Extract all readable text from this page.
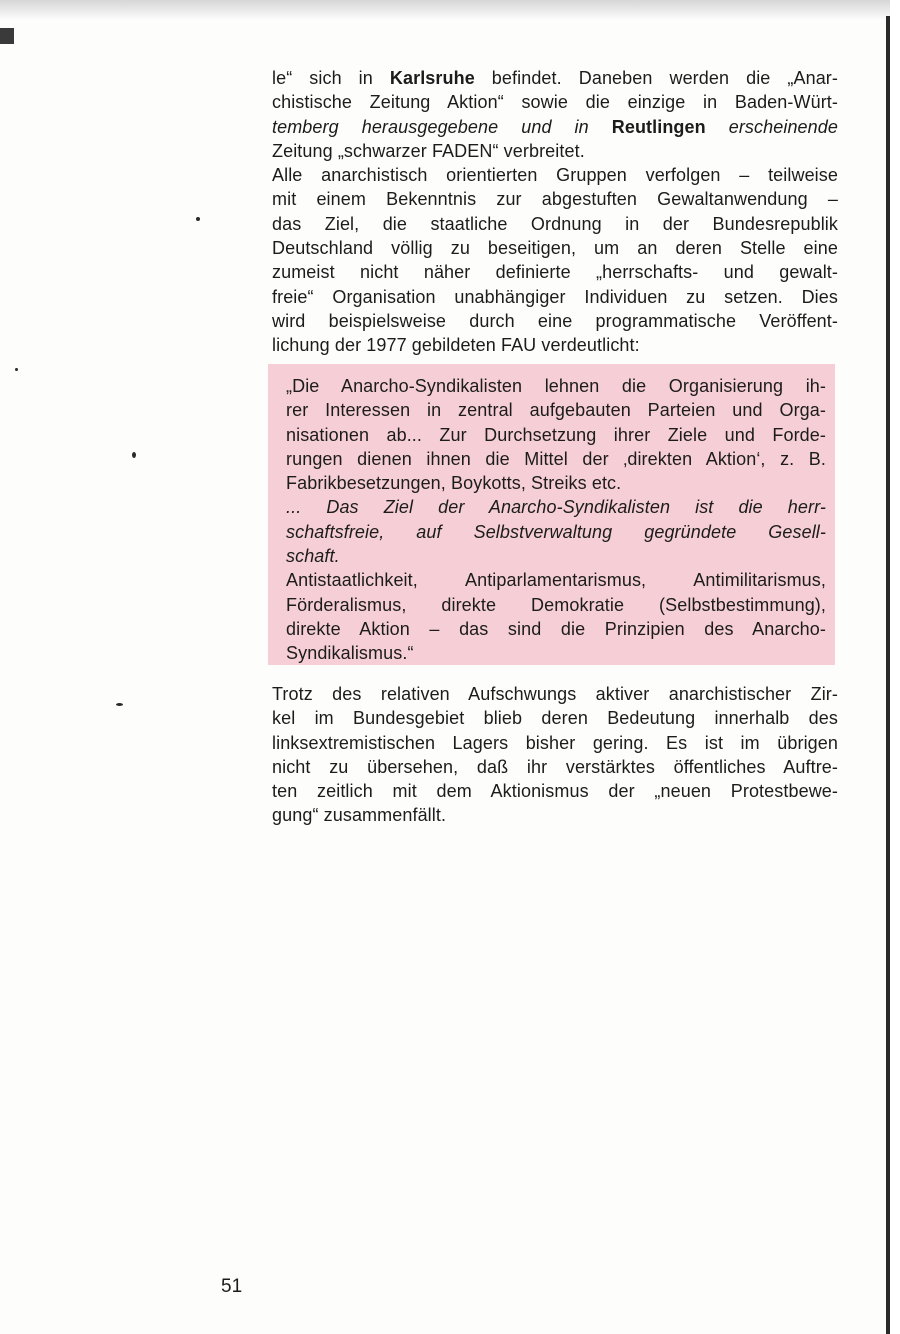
le“ sich in Karlsruhe befindet. Daneben werden die „Anar-
chistische Zeitung Aktion“ sowie die einzige in Baden-Würt-
temberg herausgegebene und in Reutlingen erscheinende
Zeitung „schwarzer FADEN“ verbreitet.
Alle anarchistisch orientierten Gruppen verfolgen – teilweise
mit einem Bekenntnis zur abgestuften Gewaltanwendung –
das Ziel, die staatliche Ordnung in der Bundesrepublik
Deutschland völlig zu beseitigen, um an deren Stelle eine
zumeist nicht näher definierte „herrschafts- und gewalt-
freie“ Organisation unabhängiger Individuen zu setzen. Dies
wird beispielsweise durch eine programmatische Veröffent-
lichung der 1977 gebildeten FAU verdeutlicht:
„Die Anarcho-Syndikalisten lehnen die Organisierung ih-
rer Interessen in zentral aufgebauten Parteien und Orga-
nisationen ab... Zur Durchsetzung ihrer Ziele und Forde-
rungen dienen ihnen die Mittel der ‚direkten Aktion‘, z. B.
Fabrikbesetzungen, Boykotts, Streiks etc.
... Das Ziel der Anarcho-Syndikalisten ist die herr-
schaftsfreie, auf Selbstverwaltung gegründete Gesell-
schaft.
Antistaatlichkeit, Antiparlamentarismus, Antimilitarismus,
Förderalismus, direkte Demokratie (Selbstbestimmung),
direkte Aktion – das sind die Prinzipien des Anarcho-
Syndikalismus.“
Trotz des relativen Aufschwungs aktiver anarchistischer Zir-
kel im Bundesgebiet blieb deren Bedeutung innerhalb des
linksextremistischen Lagers bisher gering. Es ist im übrigen
nicht zu übersehen, daß ihr verstärktes öffentliches Auftre-
ten zeitlich mit dem Aktionismus der „neuen Protestbewe-
gung“ zusammenfällt.
51
